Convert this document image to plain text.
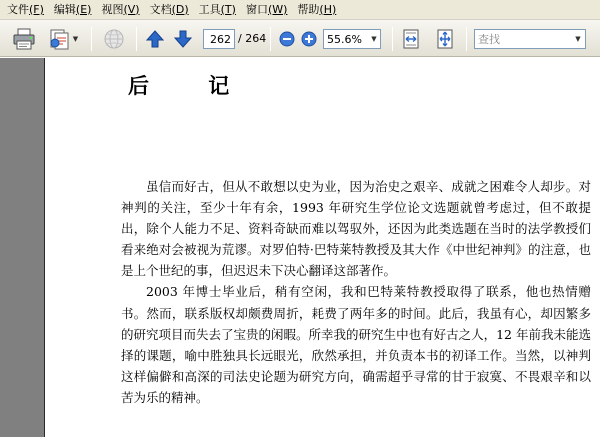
文件(F) 编辑(E) 视图(V) 文档(D) 工具(T) 窗口(W) 帮助(H)
▼
262	/ 264
55.6%	▼
查找	▼
后 记

虽信而好古，但从不敢想以史为业，因为治史之艰辛、成就之困难令人却步。对神判的关注，至少十年有余，1993 年研究生学位论文选题就曾考虑过，但不敢提出，除个人能力不足、资料奇缺而难以驾驭外，还因为此类选题在当时的法学教授们看来绝对会被视为荒谬。对罗伯特·巴特莱特教授及其大作《中世纪神判》的注意，也是上个世纪的事，但迟迟未下决心翻译这部著作。

2003 年博士毕业后，稍有空闲，我和巴特莱特教授取得了联系，他也热情赠书。然而，联系版权却颇费周折，耗费了两年多的时间。此后，我虽有心，却因繁多的研究项目而失去了宝贵的闲暇。所幸我的研究生中也有好古之人，12 年前我未能选择的课题，喻中胜独具长远眼光，欣然承担，并负责本书的初译工作。当然，以神判这样偏僻和高深的司法史论题为研究方向，确需超乎寻常的甘于寂寞、不畏艰辛和以苦为乐的精神。
